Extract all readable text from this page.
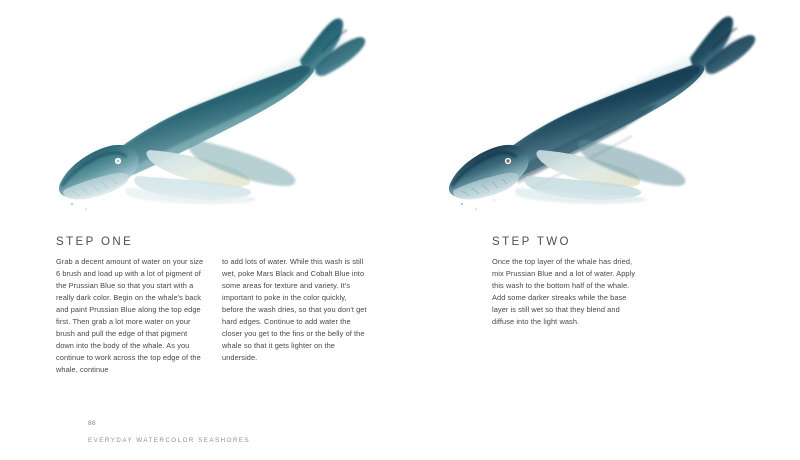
STEP ONE
Grab a decent amount of water on your size 6 brush and load up with a lot of pigment of the Prussian Blue so that you start with a really dark color. Begin on the whale's back and paint Prussian Blue along the top edge first. Then grab a lot more water on your brush and pull the edge of that pigment down into the body of the whale. As you continue to work across the top edge of the whale, continue
to add lots of water. While this wash is still wet, poke Mars Black and Cobalt Blue into some areas for texture and variety. It's important to poke in the color quickly, before the wash dries, so that you don't get hard edges. Continue to add water the closer you get to the fins or the belly of the whale so that it gets lighter on the underside.
86
EVERYDAY WATERCOLOR SEASHORES
STEP TWO
Once the top layer of the whale has dried, mix Prussian Blue and a lot of water. Apply this wash to the bottom half of the whale. Add some darker streaks while the base layer is still wet so that they blend and diffuse into the light wash.
